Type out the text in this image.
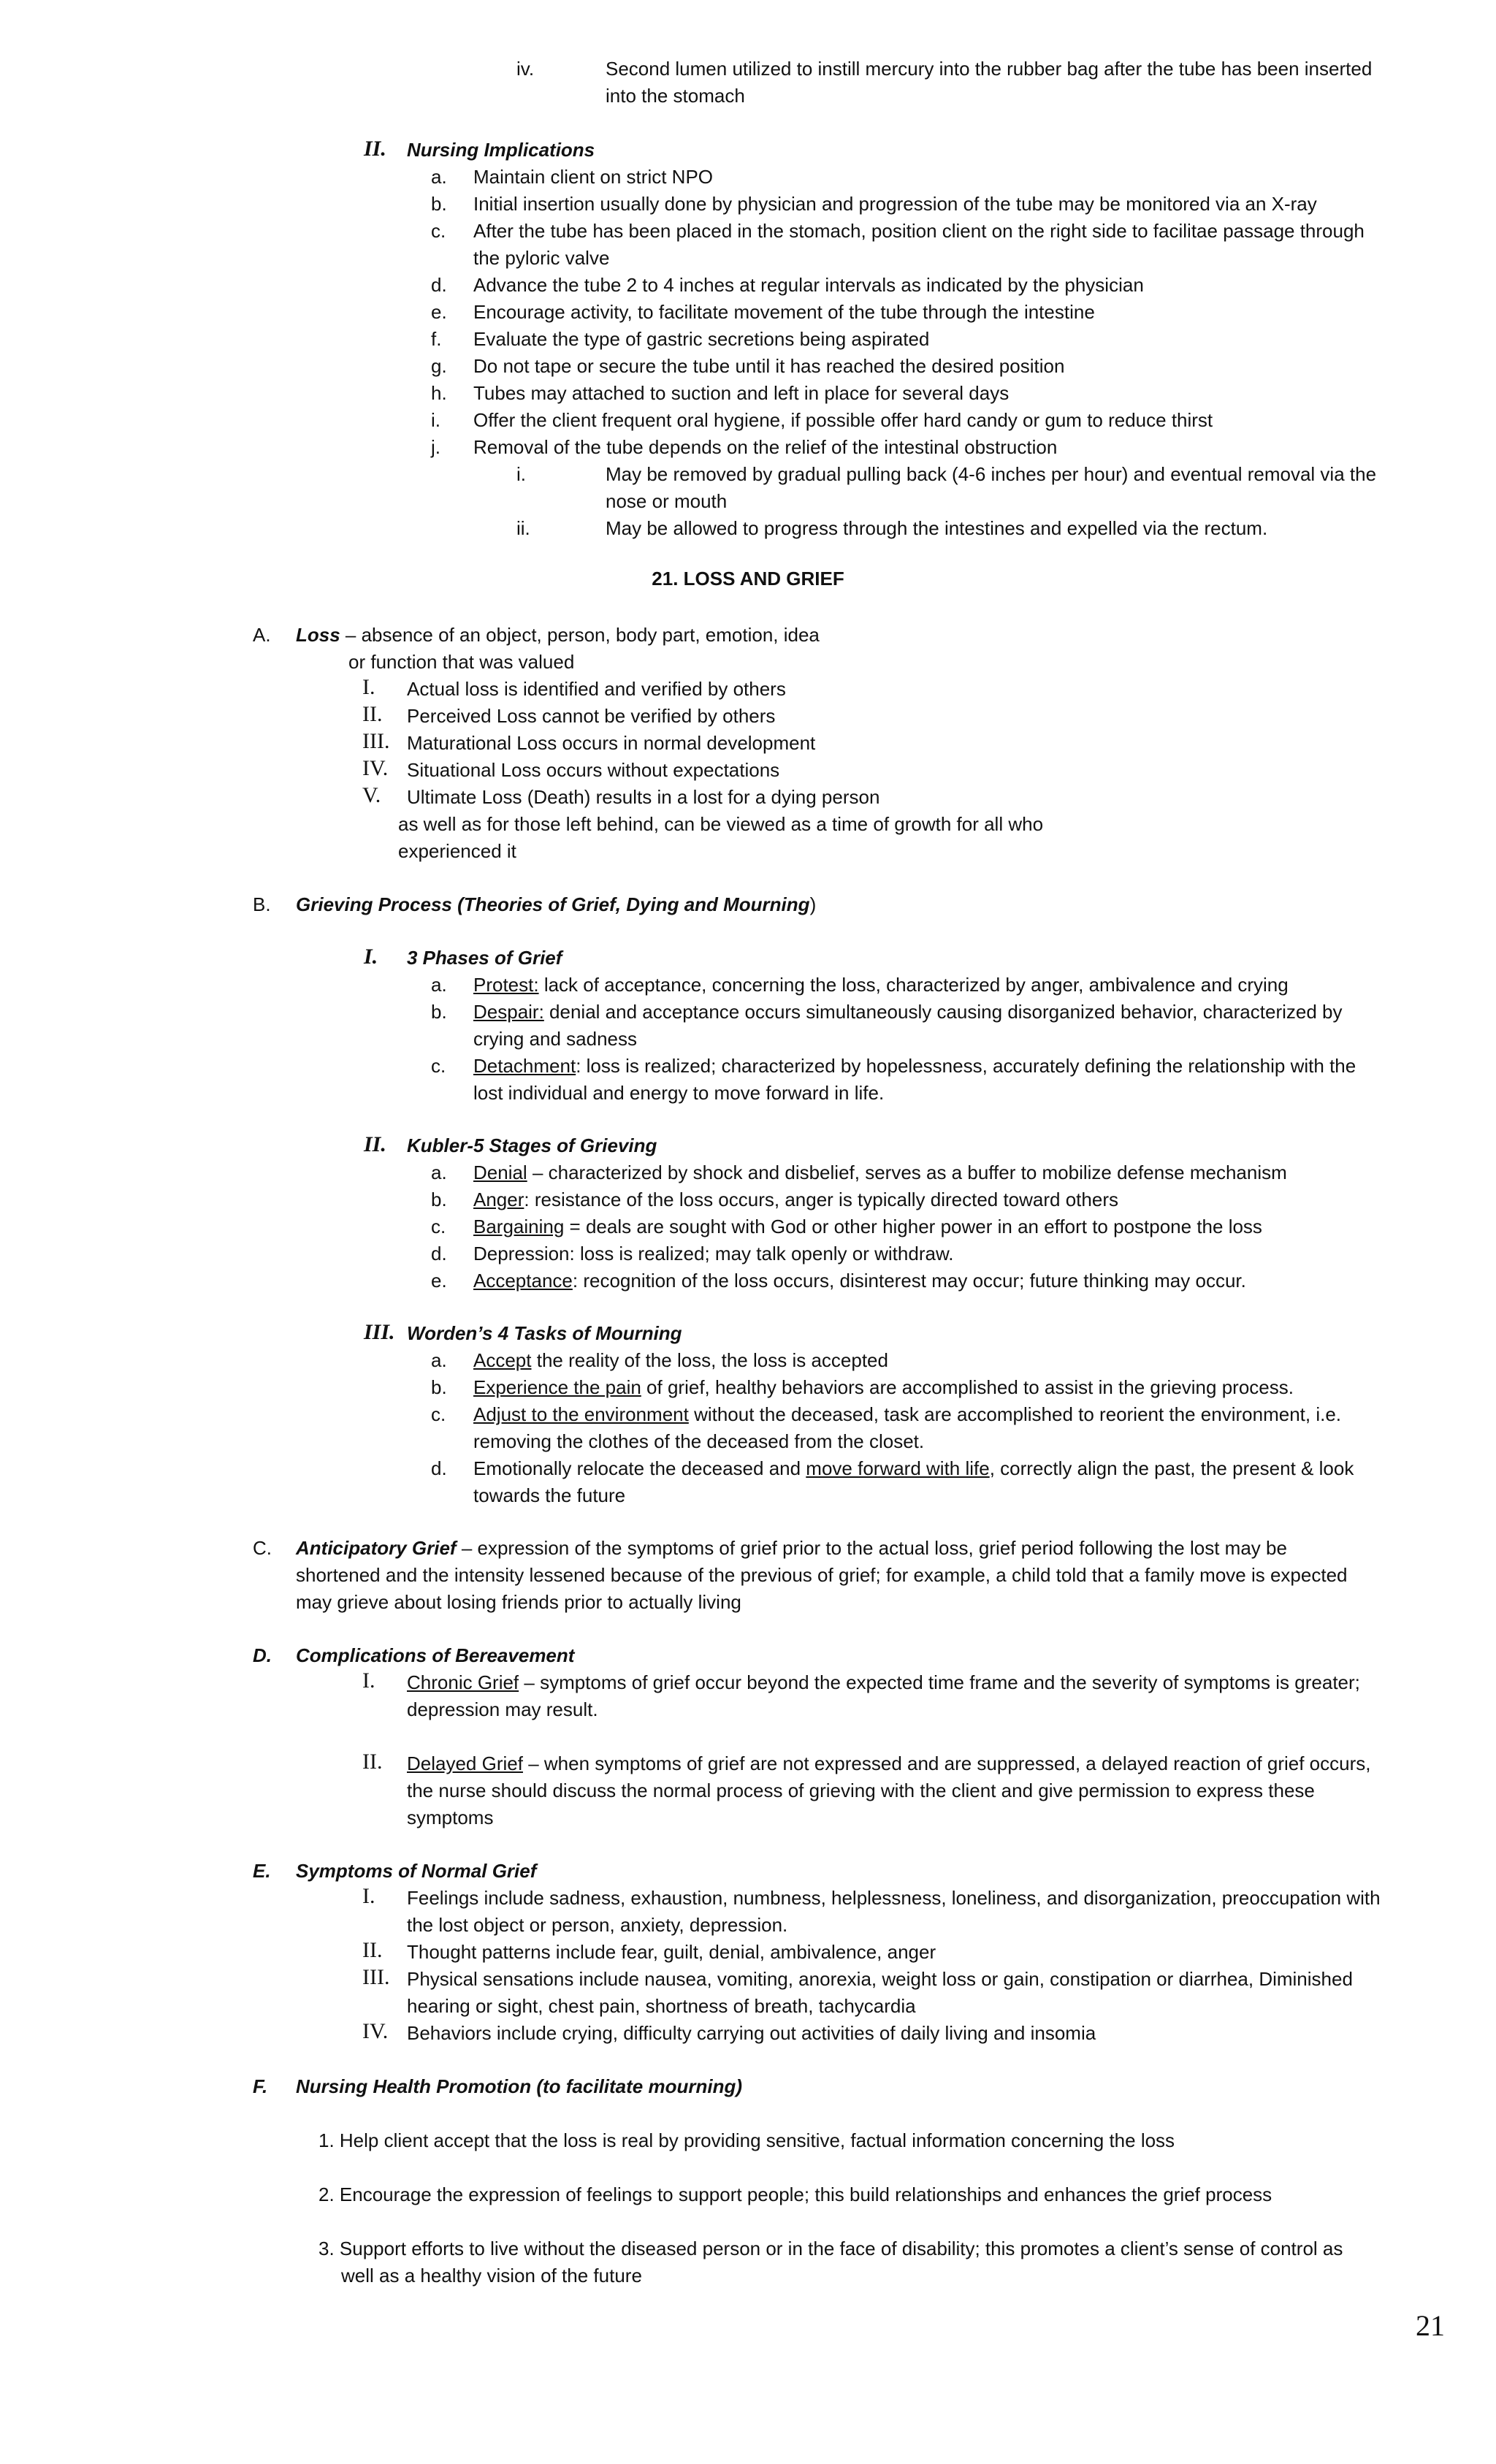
iv.	Second lumen utilized to instill mercury into the rubber bag after the tube has been inserted
into the stomach
II. Nursing Implications
a. Maintain client on strict NPO
b. Initial insertion usually done by physician and progression of the tube may be monitored via an X-ray
c. After the tube has been placed in the stomach, position client on the right side to facilitae passage through
the pyloric valve
d. Advance the tube 2 to 4 inches at regular intervals as indicated by the physician
e. Encourage activity, to facilitate movement of the tube through the intestine
f. Evaluate the type of gastric secretions being aspirated
g. Do not tape or secure the tube until it has reached the desired position
h. Tubes may attached to suction and left in place for several days
i. Offer the client frequent oral hygiene, if possible offer hard candy or gum to reduce thirst
j. Removal of the tube depends on the relief of the intestinal obstruction
i.	May be removed by gradual pulling back (4-6 inches per hour) and eventual removal via the
nose or mouth
ii.	May be allowed to progress through the intestines and expelled via the rectum.
21. LOSS AND GRIEF
A. Loss – absence of an object, person, body part, emotion, idea
or function that was valued
I. Actual loss is identified and verified by others
II. Perceived Loss cannot be verified by others
III. Maturational Loss occurs in normal development
IV. Situational Loss occurs without expectations
V. Ultimate Loss (Death) results in a lost for a dying person
as well as for those left behind, can be viewed as a time of growth for all who
experienced it
B. Grieving Process (Theories of Grief, Dying and Mourning)
I. 3 Phases of Grief
a. Protest: lack of acceptance, concerning the loss, characterized by anger, ambivalence and crying
b. Despair: denial and acceptance occurs simultaneously causing disorganized behavior, characterized by
crying and sadness
c. Detachment: loss is realized; characterized by hopelessness, accurately defining the relationship with the
lost individual and energy to move forward in life.
II. Kubler-5 Stages of Grieving
a. Denial – characterized by shock and disbelief, serves as a buffer to mobilize defense mechanism
b. Anger: resistance of the loss occurs, anger is typically directed toward others
c. Bargaining = deals are sought with God or other higher power in an effort to postpone the loss
d. Depression: loss is realized; may talk openly or withdraw.
e. Acceptance: recognition of the loss occurs, disinterest may occur; future thinking may occur.
III. Worden’s 4 Tasks of Mourning
a. Accept the reality of the loss, the loss is accepted
b. Experience the pain of grief, healthy behaviors are accomplished to assist in the grieving process.
c. Adjust to the environment without the deceased, task are accomplished to reorient the environment, i.e.
removing the clothes of the deceased from the closet.
d. Emotionally relocate the deceased and move forward with life, correctly align the past, the present & look
towards the future
C. Anticipatory Grief – expression of the symptoms of grief prior to the actual loss, grief period following the lost may be
shortened and the intensity lessened because of the previous of grief; for example, a child told that a family move is expected
may grieve about losing friends prior to actually living
D. Complications of Bereavement
I. Chronic Grief – symptoms of grief occur beyond the expected time frame and the severity of symptoms is greater;
depression may result.
II. Delayed Grief – when symptoms of grief are not expressed and are suppressed, a delayed reaction of grief occurs,
the nurse should discuss the normal process of grieving with the client and give permission to express these
symptoms
E. Symptoms of Normal Grief
I. Feelings include sadness, exhaustion, numbness, helplessness, loneliness, and disorganization, preoccupation with
the lost object or person, anxiety, depression.
II. Thought patterns include fear, guilt, denial, ambivalence, anger
III. Physical sensations include nausea, vomiting, anorexia, weight loss or gain, constipation or diarrhea, Diminished
hearing or sight, chest pain, shortness of breath, tachycardia
IV. Behaviors include crying, difficulty carrying out activities of daily living and insomia
F. Nursing Health Promotion (to facilitate mourning)
1. Help client accept that the loss is real by providing sensitive, factual information concerning the loss
2. Encourage the expression of feelings to support people; this build relationships and enhances the grief process
3. Support efforts to live without the diseased person or in the face of disability; this promotes a client’s sense of control as
well as a healthy vision of the future
21
